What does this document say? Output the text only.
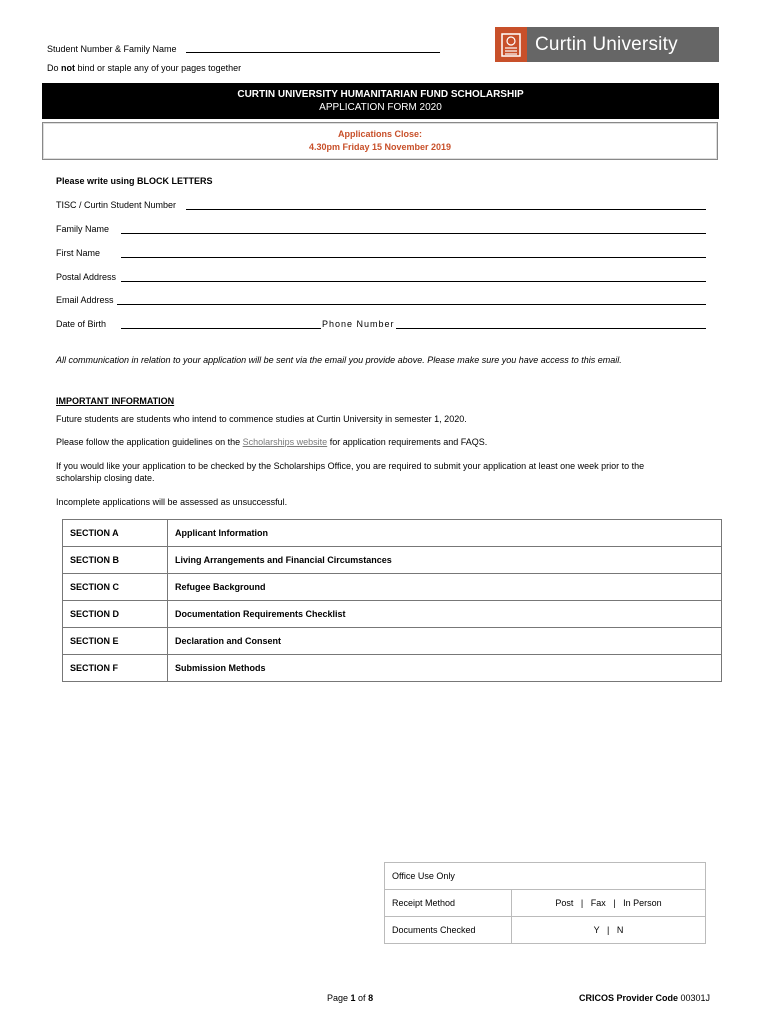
Student Number & Family Name
Do not bind or staple any of your pages together
Curtin University
CURTIN UNIVERSITY HUMANITARIAN FUND SCHOLARSHIP
APPLICATION FORM 2020
Applications Close:
4.30pm Friday 15 November 2019
Please write using BLOCK LETTERS
TISC / Curtin Student Number
Family Name
First Name
Postal Address
Email Address
Date of Birth	Phone Number
All communication in relation to your application will be sent via the email you provide above. Please make sure you have access to this email.
IMPORTANT INFORMATION
Future students are students who intend to commence studies at Curtin University in semester 1, 2020.
Please follow the application guidelines on the Scholarships website for application requirements and FAQS.
If you would like your application to be checked by the Scholarships Office, you are required to submit your application at least one week prior to the
scholarship closing date.
Incomplete applications will be assessed as unsuccessful.
SECTION A	Applicant Information
SECTION B	Living Arrangements and Financial Circumstances
SECTION C	Refugee Background
SECTION D	Documentation Requirements Checklist
SECTION E	Declaration and Consent
SECTION F	Submission Methods
Office Use Only	
Receipt Method	Post   |   Fax   |   In Person
Documents Checked	Y   |   N
Page 1 of 8	CRICOS Provider Code 00301J
